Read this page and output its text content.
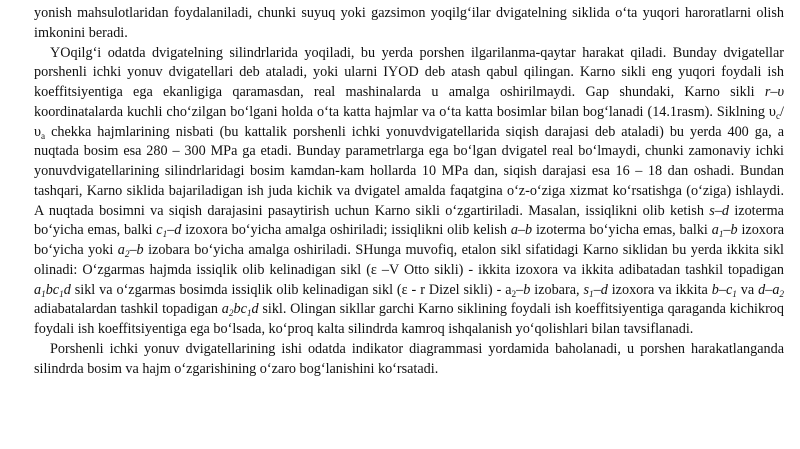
yonish mahsulotlaridan foydalaniladi, chunki suyuq yoki gazsimon yoqilg‘ilar dvigatelning siklida o‘ta yuqori haroratlarni olish imkonini beradi.

YOqilg‘i odatda dvigatelning silindrlarida yoqiladi, bu yerda porshen ilgarilanma-qaytar harakat qiladi. Bunday dvigatellar porshenli ichki yonuv dvigatellari deb ataladi, yoki ularni IYOD deb atash qabul qilingan. Karno sikli eng yuqori foydali ish koeffitsiyentiga ega ekanligiga qaramasdan, real mashinalarda u amalga oshirilmaydi. Gap shundaki, Karno sikli r–υ koordinatalarda kuchli cho‘zilgan bo‘lgani holda o‘ta katta hajmlar va o‘ta katta bosimlar bilan bog‘lanadi (14.1rasm). Siklning $\upsilon_c/\upsilon_a$ chekka hajmlarining nisbati (bu kattalik porshenli ichki yonuvdvigatellarida siqish darajasi deb ataladi) bu yerda 400 ga, a nuqtada bosim esa 280 – 300 MPa ga etadi. Bunday parametrlarga ega bo‘lgan dvigatel real bo‘lmaydi, chunki zamonaviy ichki yonuvdvigatellarining silindrlaridagi bosim kamdan-kam hollarda 10 MPa dan, siqish darajasi esa 16 – 18 dan oshadi. Bundan tashqari, Karno siklida bajariladigan ish juda kichik va dvigatel amalda faqatgina o‘z-o‘ziga xizmat ko‘rsatishga (o‘ziga) ishlaydi. A nuqtada bosimni va siqish darajasini pasaytirish uchun Karno sikli o‘zgartiriladi. Masalan, issiqlikni olib ketish s–d izoterma bo‘yicha emas, balki $c_1-d$ izoxora bo‘yicha amalga oshiriladi; issiqlikni olib kelish a–b izoterma bo‘yicha emas, balki $a_1-b$ izoxora bo‘yicha yoki $a_2-b$ izobara bo‘yicha amalga oshiriladi. SHunga muvofiq, etalon sikl sifatidagi Karno siklidan bu yerda ikkita sikl olinadi: O‘zgarmas hajmda issiqlik olib kelinadigan sikl (ε –V Otto sikli) - ikkita izoxora va ikkita adibatadan tashkil topadigan $a_1bc_1d$ sikl va o‘zgarmas bosimda issiqlik olib kelinadigan sikl (ε - r Dizel sikli) - $a_2-b$ izobara, $s_1-d$ izoxora va ikkita $b-c_1$ va $d-a_2$ adiabatalardan tashkil topadigan $a_2bc_1d$ sikl. Olingan sikllar garchi Karno siklining foydali ish koeffitsiyentiga qaraganda kichikroq foydali ish koeffitsiyentiga ega bo‘lsada, ko‘proq kalta silindrda kamroq ishqalanish yo‘qolishlari bilan tavsiflanadi.

Porshenli ichki yonuv dvigatellarining ishi odatda indikator diagrammasi yordamida baholanadi, u porshen harakatlanganda silindrda bosim va hajm o‘zgarishining o‘zaro bog‘lanishini ko‘rsatadi.
